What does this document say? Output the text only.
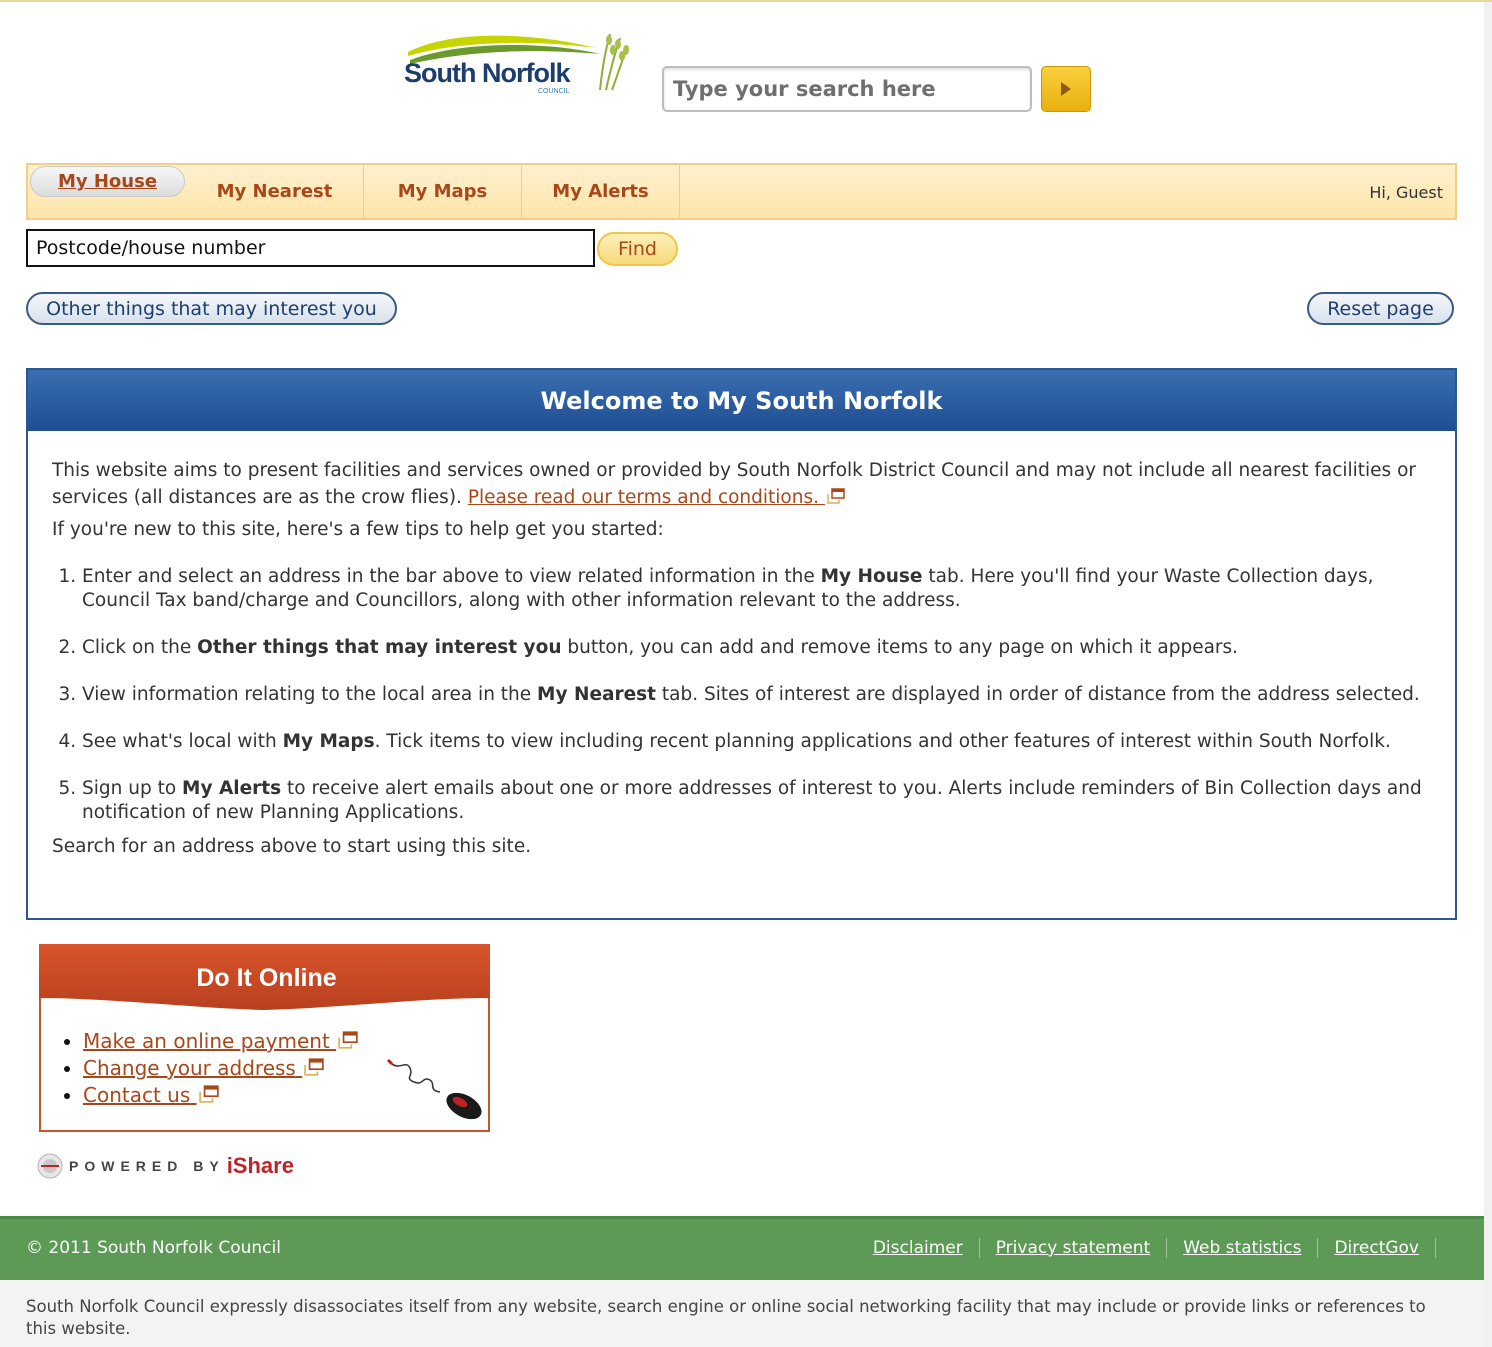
South Norfolk
COUNCIL
Type your search here
My House	My Nearest	My Maps	My Alerts	Hi, Guest
Postcode/house number
Find
Other things that may interest you	Reset page
Welcome to My South Norfolk

This website aims to present facilities and services owned or provided by South Norfolk District Council and may not include all nearest facilities or services (all distances are as the crow flies). Please read our terms and conditions.

If you're new to this site, here's a few tips to help get you started:

1. Enter and select an address in the bar above to view related information in the My House tab. Here you'll find your Waste Collection days, Council Tax band/charge and Councillors, along with other information relevant to the address.
2. Click on the Other things that may interest you button, you can add and remove items to any page on which it appears.
3. View information relating to the local area in the My Nearest tab. Sites of interest are displayed in order of distance from the address selected.
4. See what's local with My Maps. Tick items to view including recent planning applications and other features of interest within South Norfolk.
5. Sign up to My Alerts to receive alert emails about one or more addresses of interest to you. Alerts include reminders of Bin Collection days and notification of new Planning Applications.

Search for an address above to start using this site.

Do It Online
• Make an online payment
• Change your address
• Contact us
POWERED BY iShare
© 2011 South Norfolk Council	Disclaimer	Privacy statement	Web statistics	DirectGov
South Norfolk Council expressly disassociates itself from any website, search engine or online social networking facility that may include or provide links or references to this website.
